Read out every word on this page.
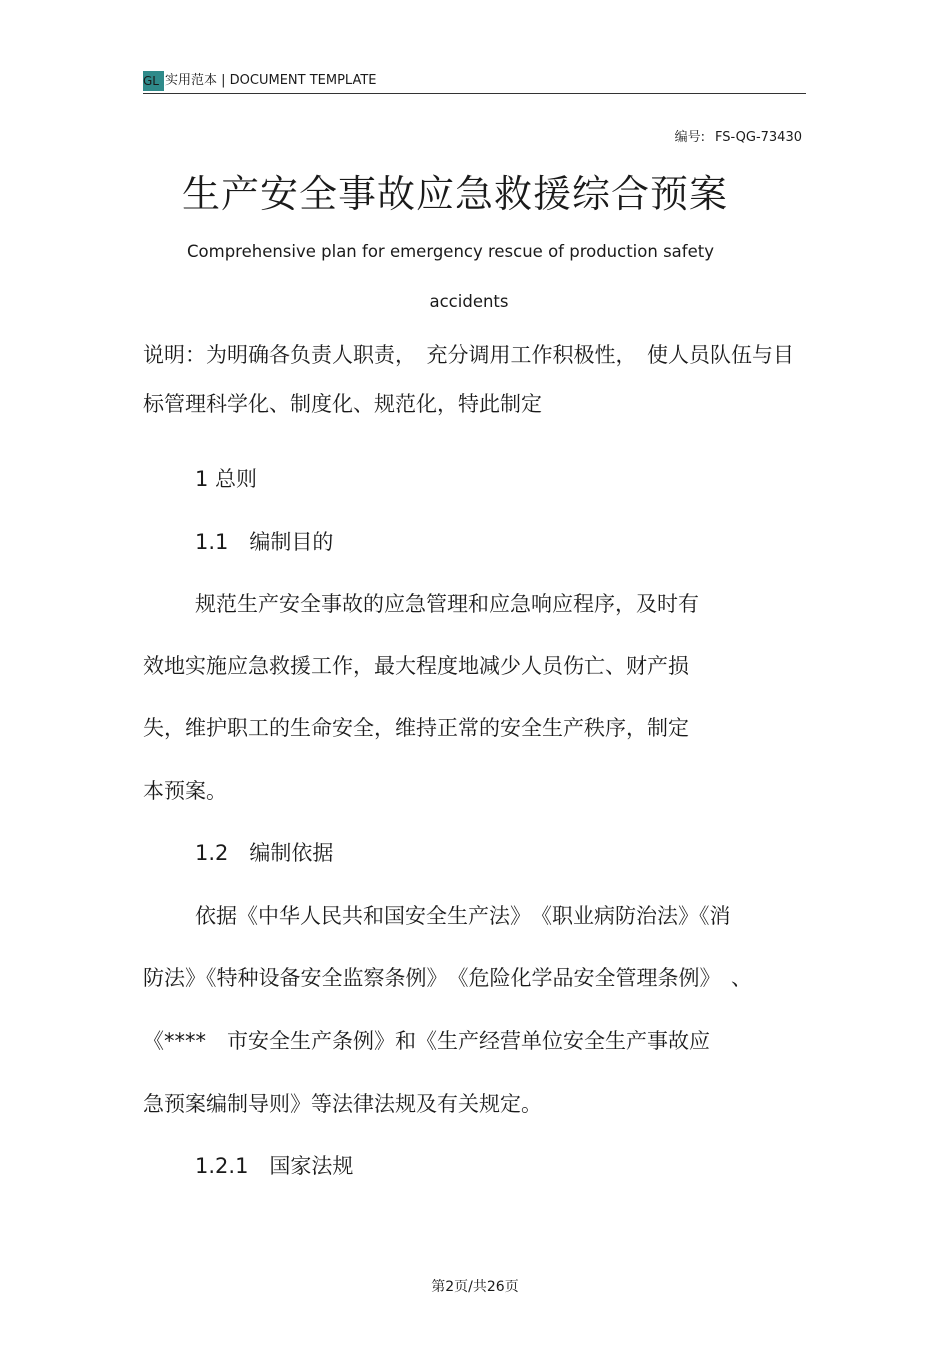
GL 实用范本 | DOCUMENT TEMPLATE
编号: FS-QG-73430
生产安全事故应急救援综合预案
Comprehensive plan for emergency rescue of production safety
accidents
说明：为明确各负责人职责，　充分调用工作积极性，　使人员队伍与目
标管理科学化、制度化、规范化，特此制定
1 总则
1.1　编制目的
规范生产安全事故的应急管理和应急响应程序，及时有
效地实施应急救援工作，最大程度地减少人员伤亡、财产损
失，维护职工的生命安全，维持正常的安全生产秩序，制定
本预案。
1.2　编制依据
依据《中华人民共和国安全生产法》　《职业病防治法》《消
防法》《特种设备安全监察条例》　《危险化学品安全管理条例》　、
《****　市安全生产条例》和《生产经营单位安全生产事故应
急预案编制导则》等法律法规及有关规定。
1.2.1　国家法规
第2页/共26页
